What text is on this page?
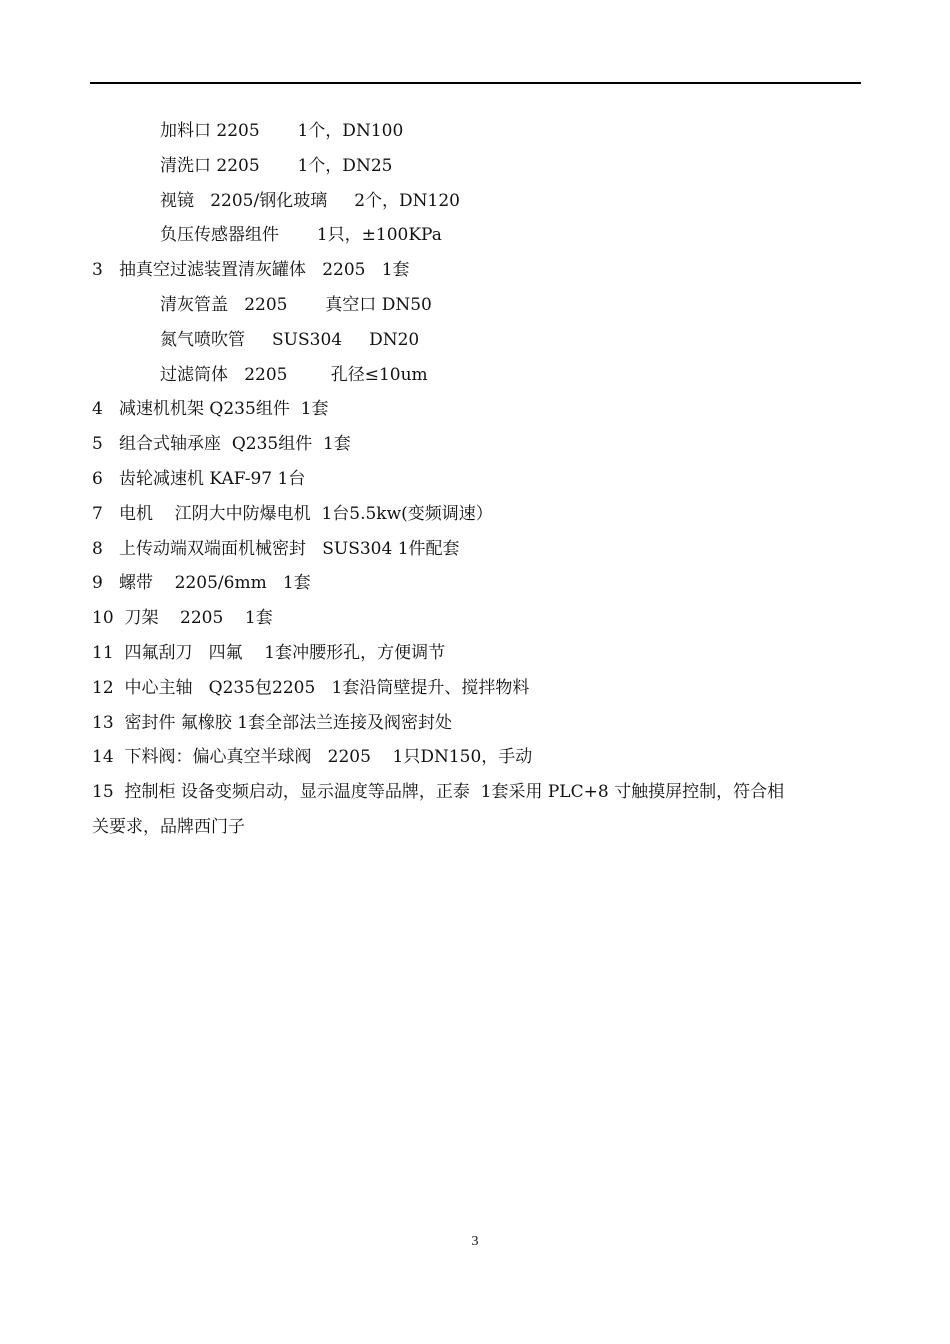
加料口 2205       1个，DN100
清洗口 2205       1个，DN25
视镜   2205/钢化玻璃     2个，DN120
负压传感器组件       1只，±100KPa
3   抽真空过滤装置清灰罐体   2205   1套
清灰管盖   2205       真空口 DN50
氮气喷吹管     SUS304     DN20
过滤筒体   2205        孔径≤10um
4   减速机机架 Q235组件  1套
5   组合式轴承座  Q235组件  1套
6   齿轮减速机 KAF-97 1台
7   电机    江阴大中防爆电机  1台5.5kw(变频调速）
8   上传动端双端面机械密封   SUS304 1件配套
9   螺带    2205/6mm   1套
10  刀架    2205    1套
11  四氟刮刀   四氟    1套冲腰形孔，方便调节
12  中心主轴   Q235包2205   1套沿筒壁提升、搅拌物料
13  密封件 氟橡胶 1套全部法兰连接及阀密封处
14  下料阀：偏心真空半球阀   2205    1只DN150，手动
15  控制柜 设备变频启动，显示温度等品牌，正泰  1套采用 PLC+8 寸触摸屏控制，符合相
关要求，品牌西门子
3
